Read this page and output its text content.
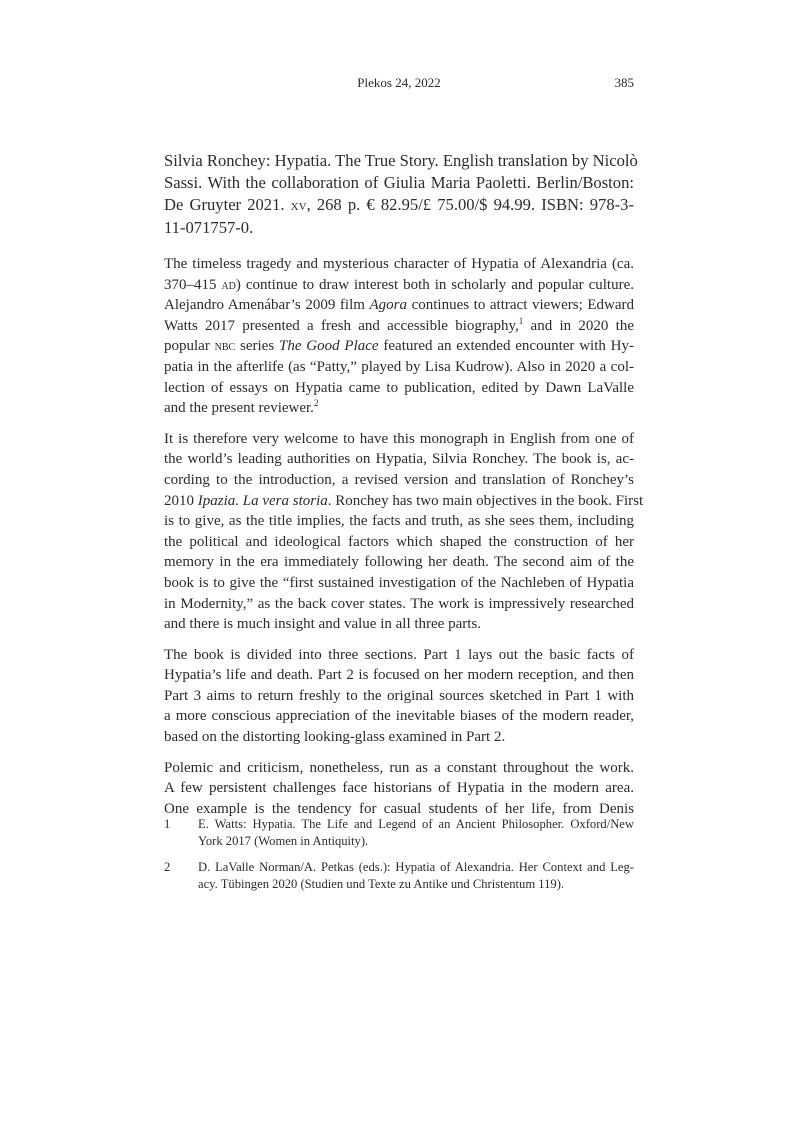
Plekos 24, 2022	385
Silvia Ronchey: Hypatia. The True Story. English translation by Nicolò
Sassi. With the collaboration of Giulia Maria Paoletti. Berlin/Boston:
De Gruyter 2021. xv, 268 p. € 82.95/£ 75.00/$ 94.99. ISBN: 978-3-
11-071757-0.
The timeless tragedy and mysterious character of Hypatia of Alexandria (ca.
370–415 ad) continue to draw interest both in scholarly and popular culture.
Alejandro Amenábar’s 2009 film Agora continues to attract viewers; Edward
Watts 2017 presented a fresh and accessible biography,$^1$ and in 2020 the
popular nbc series The Good Place featured an extended encounter with Hy-
patia in the afterlife (as “Patty,” played by Lisa Kudrow). Also in 2020 a col-
lection of essays on Hypatia came to publication, edited by Dawn LaValle
and the present reviewer.$^2$
It is therefore very welcome to have this monograph in English from one of
the world’s leading authorities on Hypatia, Silvia Ronchey. The book is, ac-
cording to the introduction, a revised version and translation of Ronchey’s
2010 Ipazia. La vera storia. Ronchey has two main objectives in the book. First
is to give, as the title implies, the facts and truth, as she sees them, including
the political and ideological factors which shaped the construction of her
memory in the era immediately following her death. The second aim of the
book is to give the “first sustained investigation of the Nachleben of Hypatia
in Modernity,” as the back cover states. The work is impressively researched
and there is much insight and value in all three parts.
The book is divided into three sections. Part 1 lays out the basic facts of
Hypatia’s life and death. Part 2 is focused on her modern reception, and then
Part 3 aims to return freshly to the original sources sketched in Part 1 with
a more conscious appreciation of the inevitable biases of the modern reader,
based on the distorting looking-glass examined in Part 2.
Polemic and criticism, nonetheless, run as a constant throughout the work.
A few persistent challenges face historians of Hypatia in the modern area.
One example is the tendency for casual students of her life, from Denis
1 E. Watts: Hypatia. The Life and Legend of an Ancient Philosopher. Oxford/New
York 2017 (Women in Antiquity).
2 D. LaValle Norman/A. Petkas (eds.): Hypatia of Alexandria. Her Context and Leg-
acy. Tübingen 2020 (Studien und Texte zu Antike und Christentum 119).
